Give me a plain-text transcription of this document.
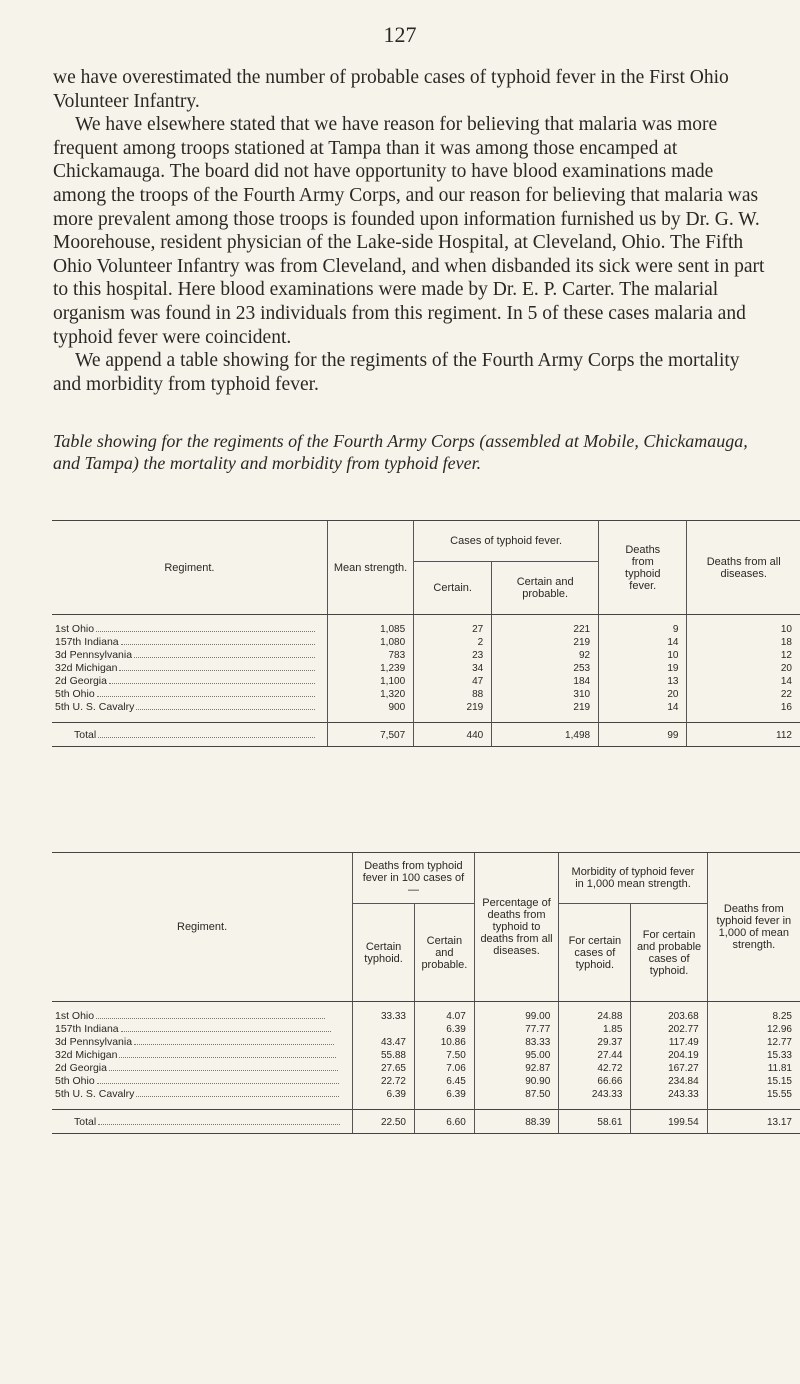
127

we have overestimated the number of probable cases of typhoid fever in the First Ohio Volunteer Infantry.

We have elsewhere stated that we have reason for believing that malaria was more frequent among troops stationed at Tampa than it was among those encamped at Chickamauga. The board did not have opportunity to have blood examinations made among the troops of the Fourth Army Corps, and our reason for believing that malaria was more prevalent among those troops is founded upon information furnished us by Dr. G. W. Moorehouse, resident physician of the Lake-side Hospital, at Cleveland, Ohio. The Fifth Ohio Volunteer Infantry was from Cleveland, and when disbanded its sick were sent in part to this hospital. Here blood examinations were made by Dr. E. P. Carter. The malarial organism was found in 23 individuals from this regiment. In 5 of these cases malaria and typhoid fever were coincident.

We append a table showing for the regiments of the Fourth Army Corps the mortality and morbidity from typhoid fever.

Table showing for the regiments of the Fourth Army Corps (assembled at Mobile, Chickamauga, and Tampa) the mortality and morbidity from typhoid fever.
Regiment.	Mean strength.	Cases of typhoid fever.		Deaths from typhoid fever.	Deaths from all diseases.
		Certain.	Certain and probable.		

1st Ohio	1,085	27	221	9	10
157th Indiana	1,080	2	219	14	18
3d Pennsylvania	783	23	92	10	12
32d Michigan	1,239	34	253	19	20
2d Georgia	1,100	47	184	13	14
5th Ohio	1,320	88	310	20	22
5th U. S. Cavalry	900	219	219	14	16

Total	7,507	440	1,498	99	112

Regiment.	Deaths from typhoid fever in 100 cases of—		Percentage of deaths from typhoid to deaths from all diseases.	Morbidity of typhoid fever in 1,000 mean strength.		Deaths from typhoid fever in 1,000 of mean strength.
	Certain typhoid.	Certain and probable.		For certain cases of typhoid.	For certain and probable cases of typhoid.	

1st Ohio	33.33	4.07	99.00	24.88	203.68	8.25
157th Indiana		6.39	77.77	1.85	202.77	12.96
3d Pennsylvania	43.47	10.86	83.33	29.37	117.49	12.77
32d Michigan	55.88	7.50	95.00	27.44	204.19	15.33
2d Georgia	27.65	7.06	92.87	42.72	167.27	11.81
5th Ohio	22.72	6.45	90.90	66.66	234.84	15.15
5th U. S. Cavalry	6.39	6.39	87.50	243.33	243.33	15.55

Total	22.50	6.60	88.39	58.61	199.54	13.17
